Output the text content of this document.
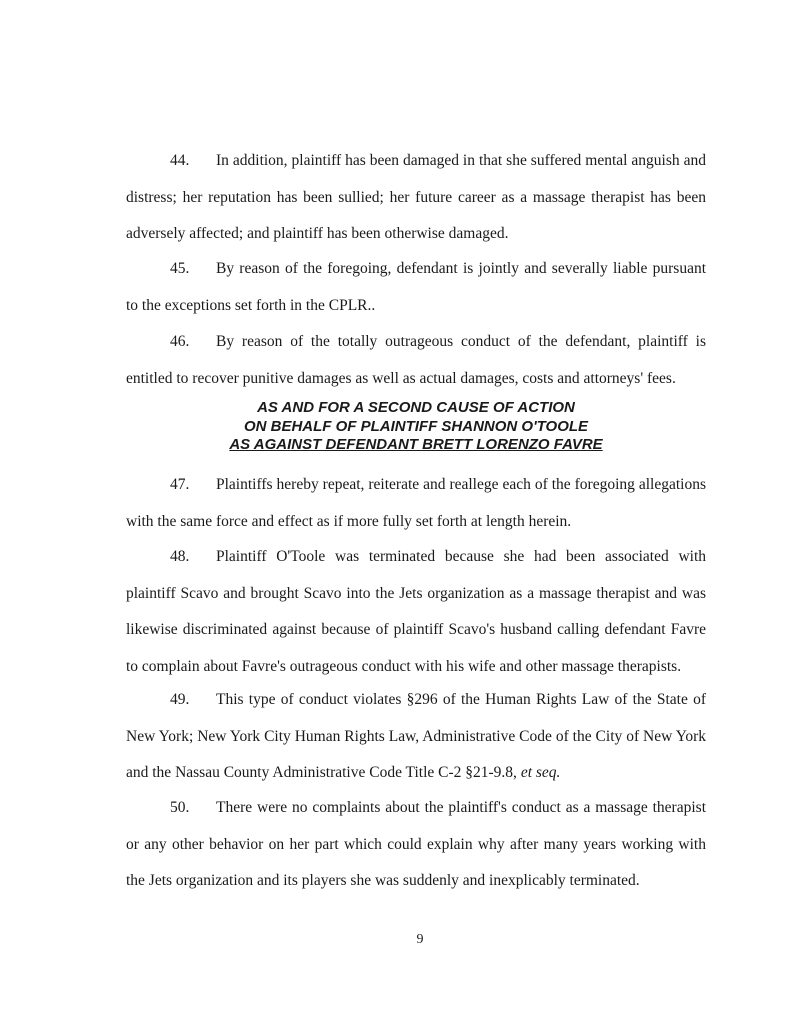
44. In addition, plaintiff has been damaged in that she suffered mental anguish and distress; her reputation has been sullied; her future career as a massage therapist has been adversely affected; and plaintiff has been otherwise damaged.

45. By reason of the foregoing, defendant is jointly and severally liable pursuant to the exceptions set forth in the CPLR..

46. By reason of the totally outrageous conduct of the defendant, plaintiff is entitled to recover punitive damages as well as actual damages, costs and attorneys' fees.

AS AND FOR A SECOND CAUSE OF ACTION
ON BEHALF OF PLAINTIFF SHANNON O'TOOLE
AS AGAINST DEFENDANT BRETT LORENZO FAVRE

47. Plaintiffs hereby repeat, reiterate and reallege each of the foregoing allegations with the same force and effect as if more fully set forth at length herein.

48. Plaintiff O'Toole was terminated because she had been associated with plaintiff Scavo and brought Scavo into the Jets organization as a massage therapist and was likewise discriminated against because of plaintiff Scavo's husband calling defendant Favre to complain about Favre's outrageous conduct with his wife and other massage therapists.

49. This type of conduct violates §296 of the Human Rights Law of the State of New York; New York City Human Rights Law, Administrative Code of the City of New York and the Nassau County Administrative Code Title C-2 §21-9.8, et seq.

50. There were no complaints about the plaintiff's conduct as a massage therapist or any other behavior on her part which could explain why after many years working with the Jets organization and its players she was suddenly and inexplicably terminated.

9
